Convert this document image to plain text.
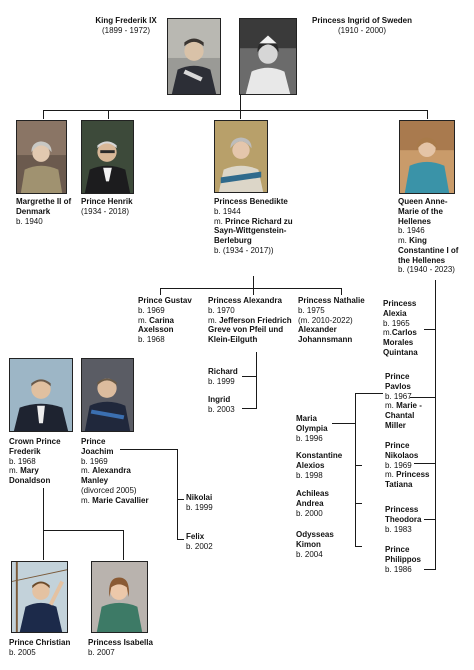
King Frederik IX
(1899 - 1972)
Princess Ingrid of Sweden
(1910 - 2000)
Margrethe II of Denmark
b. 1940
Prince Henrik
(1934 - 2018)
Princess Benedikte
b. 1944
m. Prince Richard zu Sayn-Wittgenstein-Berleburg
b. (1934 - 2017))
Queen Anne-Marie of the Hellenes
b. 1946
m. King Constantine I of the Hellenes
b. (1940 - 2023)
Prince Gustav
b. 1969
m. Carina Axelsson
b. 1968
Princess Alexandra
b. 1970
m. Jefferson Friedrich Greve von Pfeil und Klein-Eilguth
Princess Nathalie
b. 1975
(m. 2010-2022)
Alexander Johannsmann
Richard
b. 1999
Ingrid
b. 2003
Crown Prince Frederik
b. 1968
m. Mary Donaldson
Prince Joachim
b. 1969
m. Alexandra Manley
(divorced 2005)
m. Marie Cavallier	Nikolai
b. 1999
Felix
b. 2002
Prince Christian
b. 2005
Princess Isabella
b. 2007
Princess Alexia
b. 1965
m.Carlos Morales Quintana
Prince Pavlos
b. 1967
m. Marie - Chantal Miller
Prince Nikolaos
b. 1969
m. Princess Tatiana
Princess Theodora
b. 1983
Prince Philippos
b. 1986
Maria Olympia
b. 1996
Konstantine Alexios
b. 1998
Achileas Andrea
b. 2000
Odysseas Kimon
b. 2004
